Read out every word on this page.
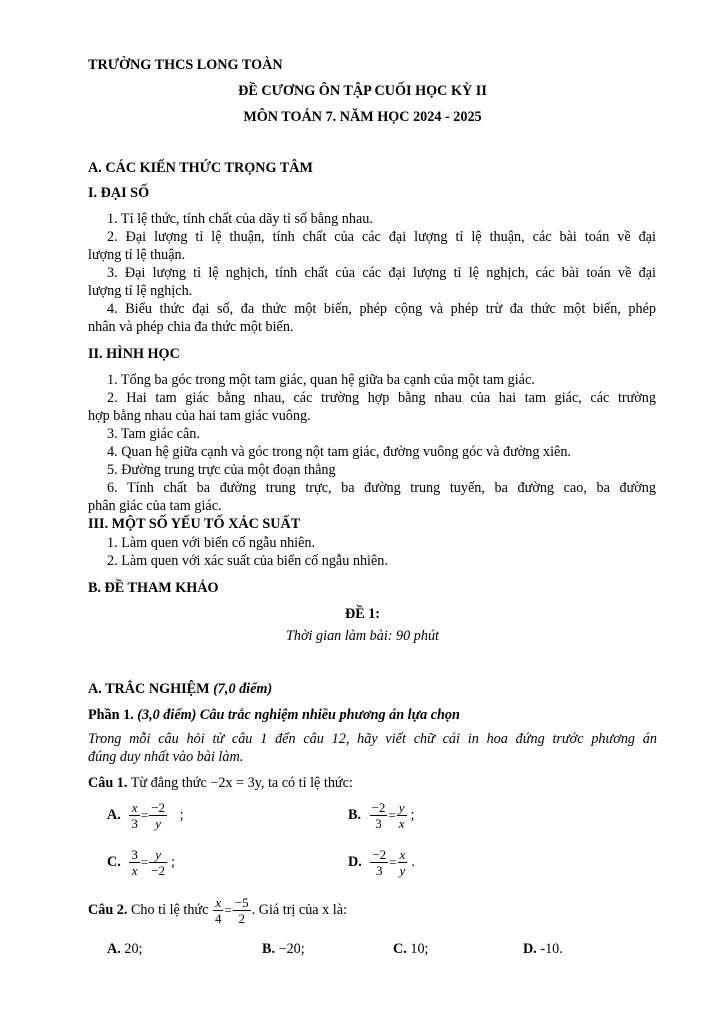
TRƯỜNG THCS LONG TOÀN
ĐỀ CƯƠNG ÔN TẬP CUỐI HỌC KỲ II
MÔN TOÁN 7. NĂM HỌC 2024 - 2025
A. CÁC KIẾN THỨC TRỌNG TÂM
I. ĐẠI SỐ
1. Tỉ lệ thức, tính chất của dãy tỉ số bằng nhau.
2. Đại lượng tỉ lệ thuận, tính chất của các đại lượng tỉ lệ thuận, các bài toán về đại
lượng tỉ lệ thuận.
3. Đại lượng tỉ lệ nghịch, tính chất của các đại lượng tỉ lệ nghịch, các bài toán về đại
lượng tỉ lệ nghịch.
4. Biểu thức đại số, đa thức một biến, phép cộng và phép trừ đa thức một biến, phép
nhân và phép chia đa thức một biến.
II. HÌNH HỌC
1. Tổng ba góc trong một tam giác, quan hệ giữa ba cạnh của một tam giác.
2. Hai tam giác bằng nhau, các trường hợp bằng nhau của hai tam giác, các trường
hợp bằng nhau của hai tam giác vuông.
3. Tam giác cân.
4. Quan hệ giữa cạnh và góc trong nột tam giác, đường vuông góc và đường xiên.
5. Đường trung trực của một đoạn thẳng
6. Tính chất ba đường trung trực, ba đường trung tuyến, ba đường cao, ba đường
phân giác của tam giác.
III. MỘT SỐ YẾU TỐ XÁC SUẤT
1. Làm quen với biến cố ngẫu nhiên.
2. Làm quen với xác suất của biến cố ngẫu nhiên.
B. ĐỀ THAM KHẢO
ĐỀ 1:
Thời gian làm bài: 90 phút
A. TRẮC NGHIỆM (7,0 điểm)
Phần 1. (3,0 điểm) Câu trắc nghiệm nhiều phương án lựa chọn
Trong mỗi câu hỏi từ câu 1 đến câu 12, hãy viết chữ cái in hoa đứng trước phương án
đúng duy nhất vào bài làm.
Câu 1. Từ đẳng thức −2x = 3y, ta có tỉ lệ thức:
A. $\frac{x}{3} = \frac{-2}{y}$ ;	B. $\frac{-2}{3} = \frac{y}{x}$ ;
C. $\frac{3}{x} = \frac{y}{-2}$ ;	D. $\frac{-2}{3} = \frac{x}{y}$ .
Câu 2. Cho tỉ lệ thức $\frac{x}{4} = \frac{-5}{2}$ . Giá trị của x là:
A. 20;	B. −20;	C. 10;	D. -10.
